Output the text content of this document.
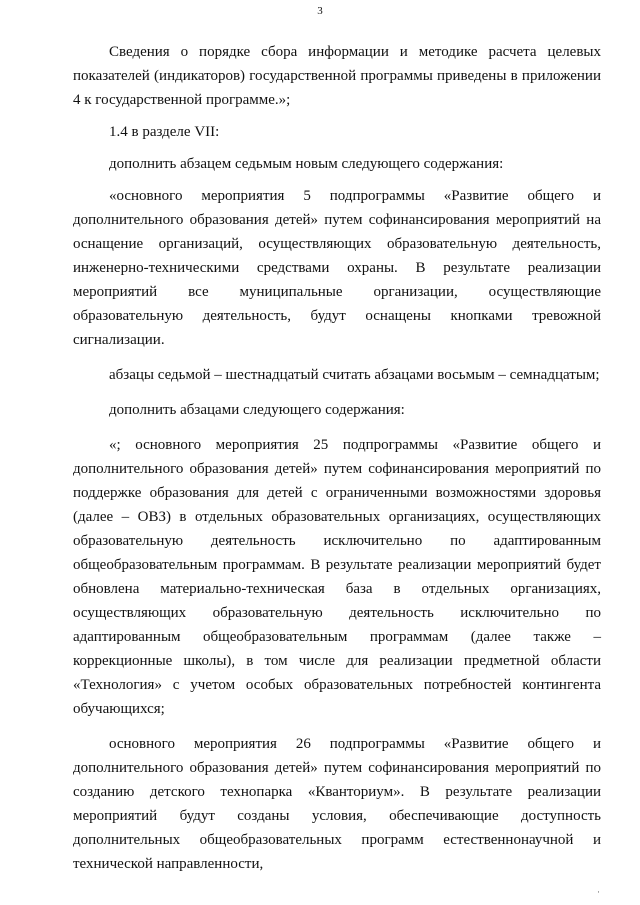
3

Сведения о порядке сбора информации и методике расчета целевых показателей (индикаторов) государственной программы приведены в приложении 4 к государственной программе.»;

1.4 в разделе VII:

дополнить абзацем седьмым новым следующего содержания:

«основного мероприятия 5 подпрограммы «Развитие общего и дополнительного образования детей» путем софинансирования мероприятий на оснащение организаций, осуществляющих образовательную деятельность, инженерно-техническими средствами охраны. В результате реализации мероприятий все муниципальные организации, осуществляющие образовательную деятельность, будут оснащены кнопками тревожной сигнализации.

абзацы седьмой – шестнадцатый считать абзацами восьмым – семнадцатым;

дополнить абзацами следующего содержания:

«; основного мероприятия 25 подпрограммы «Развитие общего и дополнительного образования детей» путем софинансирования мероприятий по поддержке образования для детей с ограниченными возможностями здоровья (далее – ОВЗ) в отдельных образовательных организациях, осуществляющих образовательную деятельность исключительно по адаптированным общеобразовательным программам. В результате реализации мероприятий будет обновлена материально-техническая база в отдельных организациях, осуществляющих образовательную деятельность исключительно по адаптированным общеобразовательным программам (далее также – коррекционные школы), в том числе для реализации предметной области «Технология» с учетом особых образовательных потребностей контингента обучающихся;

основного мероприятия 26 подпрограммы «Развитие общего и дополнительного образования детей» путем софинансирования мероприятий по созданию детского технопарка «Кванториум». В результате реализации мероприятий будут созданы условия, обеспечивающие доступность дополнительных общеобразовательных программ естественнонаучной и технической направленности,

·
